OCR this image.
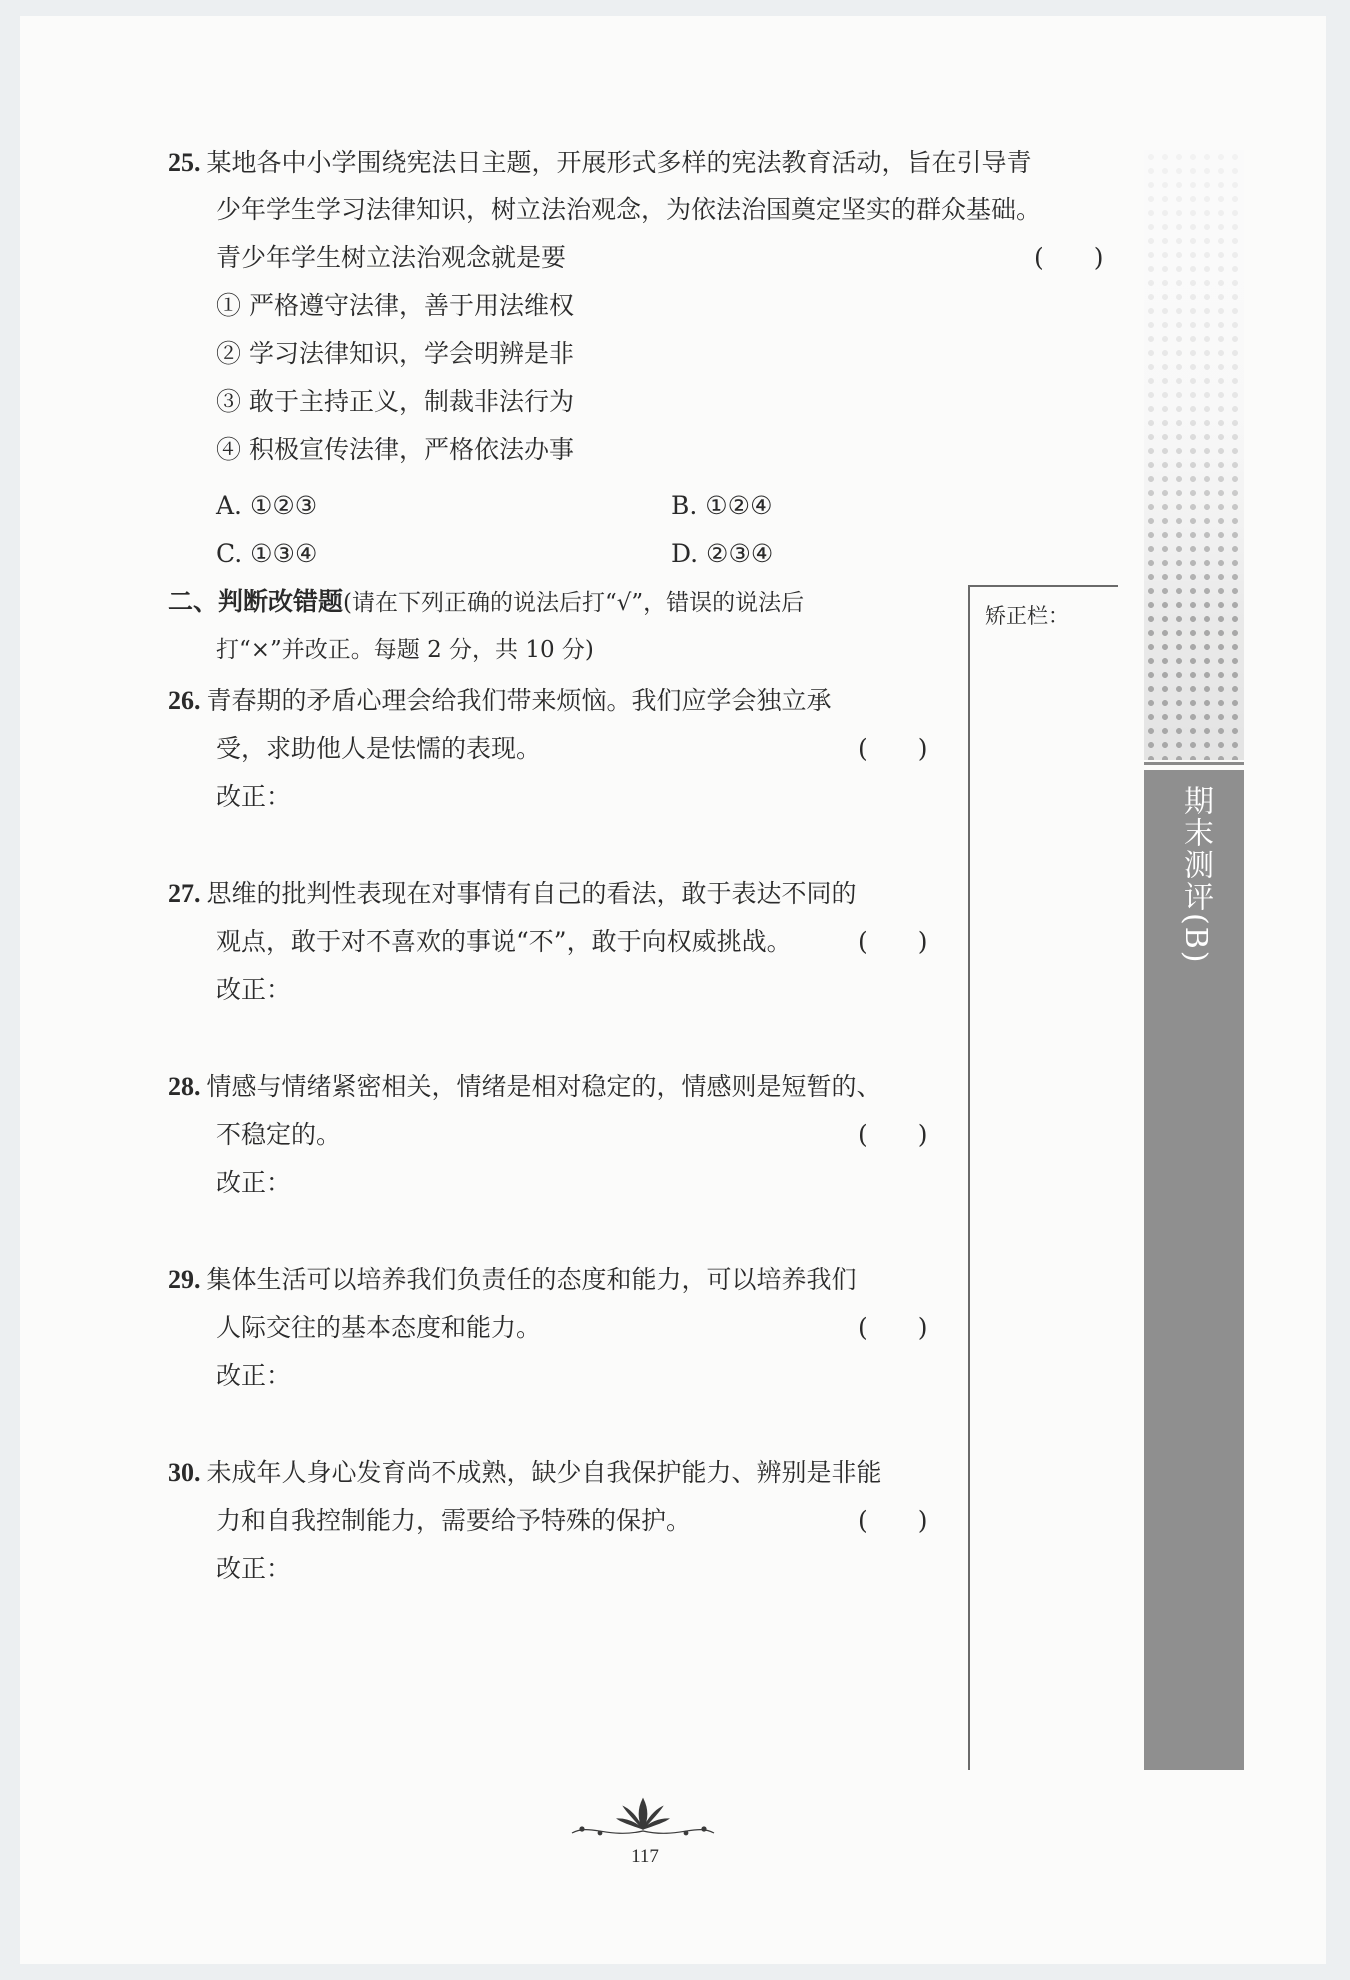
25. 某地各中小学围绕宪法日主题，开展形式多样的宪法教育活动，旨在引导青
少年学生学习法律知识，树立法治观念，为依法治国奠定坚实的群众基础。
青少年学生树立法治观念就是要	(　　)
① 严格遵守法律，善于用法维权
② 学习法律知识，学会明辨是非
③ 敢于主持正义，制裁非法行为
④ 积极宣传法律，严格依法办事
A. ①②③	B. ①②④
C. ①③④	D. ②③④
二、判断改错题(请在下列正确的说法后打“√”，错误的说法后
打“×”并改正。每题 2 分，共 10 分)
矫正栏：
26. 青春期的矛盾心理会给我们带来烦恼。我们应学会独立承
受，求助他人是怯懦的表现。	(　　)
改正：
27. 思维的批判性表现在对事情有自己的看法，敢于表达不同的
观点，敢于对不喜欢的事说“不”，敢于向权威挑战。	(　　)
改正：
28. 情感与情绪紧密相关，情绪是相对稳定的，情感则是短暂的、
不稳定的。	(　　)
改正：
29. 集体生活可以培养我们负责任的态度和能力，可以培养我们
人际交往的基本态度和能力。	(　　)
改正：
30. 未成年人身心发育尚不成熟，缺少自我保护能力、辨别是非能
力和自我控制能力，需要给予特殊的保护。	(　　)
改正：
期末测评(B)
117
